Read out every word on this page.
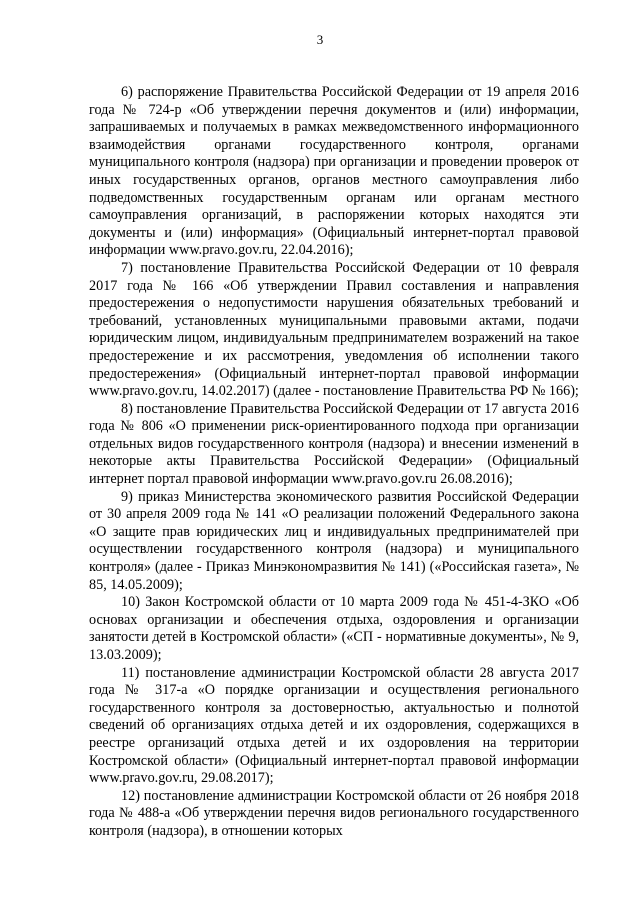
3

6) распоряжение Правительства Российской Федерации от 19 апреля 2016 года № 724-р «Об утверждении перечня документов и (или) информации, запрашиваемых и получаемых в рамках межведомственного информационного взаимодействия органами государственного контроля, органами муниципального контроля (надзора) при организации и проведении проверок от иных государственных органов, органов местного самоуправления либо подведомственных государственным органам или органам местного самоуправления организаций, в распоряжении которых находятся эти документы и (или) информация» (Официальный интернет-портал правовой информации www.pravo.gov.ru, 22.04.2016);

7) постановление Правительства Российской Федерации от 10 февраля 2017 года № 166 «Об утверждении Правил составления и направления предостережения о недопустимости нарушения обязательных требований и требований, установленных муниципальными правовыми актами, подачи юридическим лицом, индивидуальным предпринимателем возражений на такое предостережение и их рассмотрения, уведомления об исполнении такого предостережения» (Официальный интернет-портал правовой информации www.pravo.gov.ru, 14.02.2017) (далее - постановление Правительства РФ № 166);

8) постановление Правительства Российской Федерации от 17 августа 2016 года № 806 «О применении риск-ориентированного подхода при организации отдельных видов государственного контроля (надзора) и внесении изменений в некоторые акты Правительства Российской Федерации» (Официальный интернет портал правовой информации www.pravo.gov.ru 26.08.2016);

9) приказ Министерства экономического развития Российской Федерации от 30 апреля 2009 года № 141 «О реализации положений Федерального закона «О защите прав юридических лиц и индивидуальных предпринимателей при осуществлении государственного контроля (надзора) и муниципального контроля» (далее - Приказ Минэкономразвития № 141) («Российская газета», № 85, 14.05.2009);

10) Закон Костромской области от 10 марта 2009 года № 451-4-ЗКО «Об основах организации и обеспечения отдыха, оздоровления и организации занятости детей в Костромской области» («СП - нормативные документы», № 9, 13.03.2009);

11) постановление администрации Костромской области 28 августа 2017 года № 317-а «О порядке организации и осуществления регионального государственного контроля за достоверностью, актуальностью и полнотой сведений об организациях отдыха детей и их оздоровления, содержащихся в реестре организаций отдыха детей и их оздоровления на территории Костромской области» (Официальный интернет-портал правовой информации www.pravo.gov.ru, 29.08.2017);

12) постановление администрации Костромской области от 26 ноября 2018 года № 488-а «Об утверждении перечня видов регионального государственного контроля (надзора), в отношении которых
